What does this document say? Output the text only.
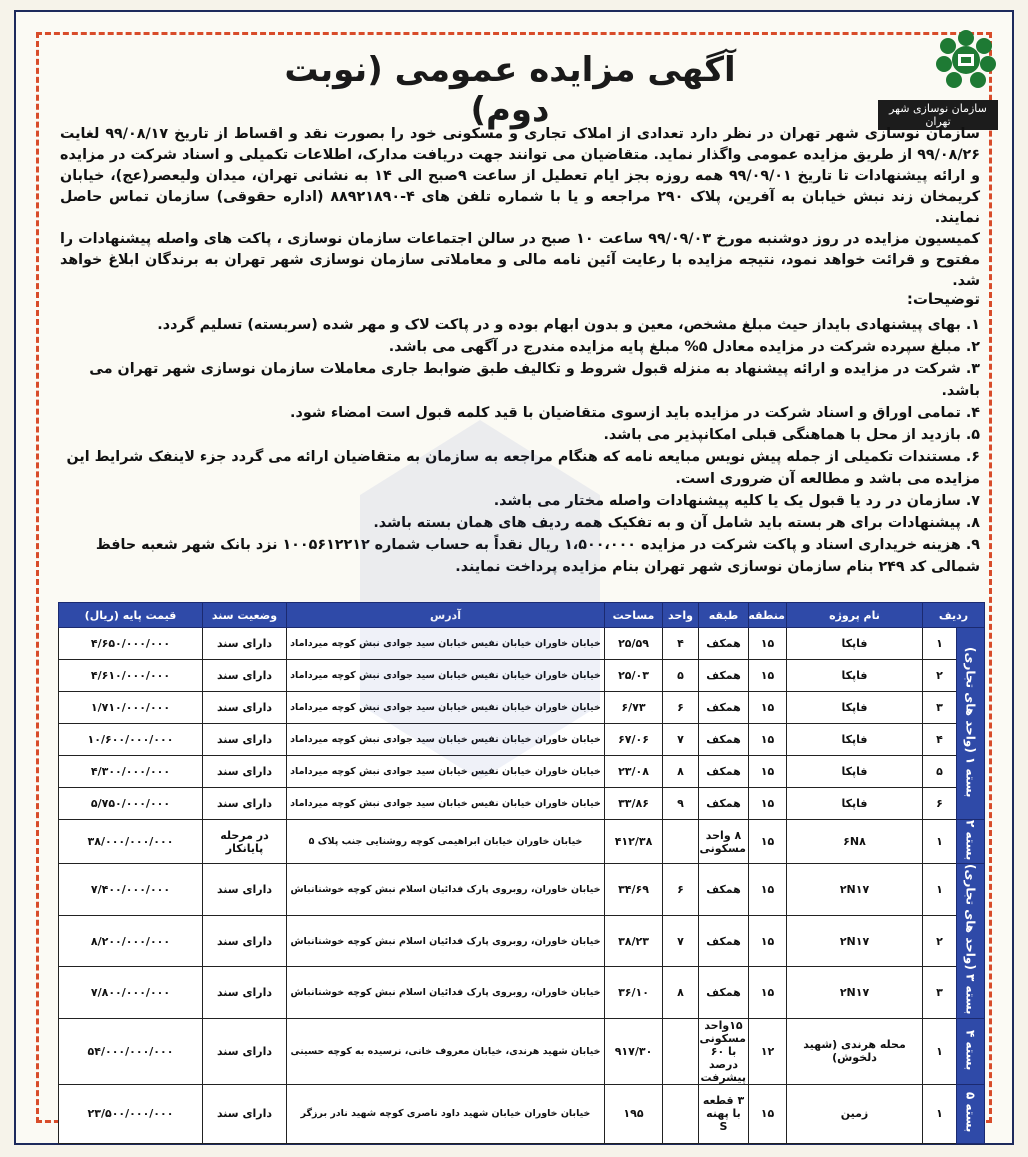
سازمان نوسازی شهر تهران
آگهی مزایده عمومی (نوبت دوم)

سازمان نوسازی شهر تهران در نظر دارد تعدادی از املاک تجاری و مسکونی خود را بصورت نقد و اقساط از تاریخ ۹۹/۰۸/۱۷ لغایت ۹۹/۰۸/۲۶ از طریق مزایده عمومی واگذار نماید. متقاضیان می توانند جهت دریافت مدارک، اطلاعات تکمیلی و اسناد شرکت در مزایده و ارائه پیشنهادات تا تاریخ ۹۹/۰۹/۰۱ همه روزه بجز ایام تعطیل از ساعت ۹صبح الی ۱۴ به نشانی تهران، میدان ولیعصر(عج)، خیابان کریمخان زند نبش خیابان به آفرین، پلاک ۲۹۰ مراجعه و یا با شماره تلفن های ۴-۸۸۹۲۱۸۹۰ (اداره حقوقی) سازمان تماس حاصل نمایند.

کمیسیون مزایده در روز دوشنبه مورخ ۹۹/۰۹/۰۳ ساعت ۱۰ صبح در سالن اجتماعات سازمان نوسازی ، پاکت های واصله پیشنهادات را مفتوح و قرائت خواهد نمود، نتیجه مزایده با رعایت آئین نامه مالی و معاملاتی سازمان نوسازی شهر تهران به برندگان ابلاغ خواهد شد.

توضیحات:
۱. بهای پیشنهادی بایداز حیث مبلغ مشخص، معین و بدون ابهام بوده و در پاکت لاک و مهر شده (سربسته) تسلیم گردد.
۲. مبلغ سپرده شرکت در مزایده معادل ۵% مبلغ پایه مزایده مندرج در آگهی می باشد.
۳. شرکت در مزایده و ارائه پیشنهاد به منزله قبول شروط و تکالیف طبق ضوابط جاری معاملات سازمان نوسازی شهر تهران می باشد.
۴. تمامی اوراق و اسناد شرکت در مزایده باید ازسوی متقاضیان با قید کلمه قبول است امضاء شود.
۵. بازدید از محل با هماهنگی قبلی امکانپذیر می باشد.
۶. مستندات تکمیلی از جمله پیش نویس مبایعه نامه که هنگام مراجعه به سازمان به متقاضیان ارائه می گردد جزء لاینفک شرایط این مزایده می باشد و مطالعه آن ضروری است.
۷. سازمان در رد یا قبول یک یا کلیه پیشنهادات واصله مختار می باشد.
۸. پیشنهادات برای هر بسته باید شامل آن و به تفکیک همه ردیف های همان بسته باشد.
۹. هزینه خریداری اسناد و پاکت شرکت در مزایده ۱،۵۰۰،۰۰۰ ریال نقداً به حساب شماره ۱۰۰۵۶۱۲۲۱۲ نزد بانک شهر شعبه حافظ شمالی کد ۲۴۹ بنام سازمان نوسازی شهر تهران بنام مزایده پرداخت نمایند.
ردیف		نام پروژه	منطقه	طبقه	واحد	مساحت	آدرس	وضعیت سند	قیمت پایه (ریال)
بسته ۱ (واحد های تجاری)	۱	فاپکا	۱۵	همکف	۴	۲۵/۵۹	خیابان خاوران خیابان نفیس خیابان سید جوادی نبش کوچه میرداماد	دارای سند	۴/۶۵۰/۰۰۰/۰۰۰
	۲	فاپکا	۱۵	همکف	۵	۲۵/۰۳	خیابان خاوران خیابان نفیس خیابان سید جوادی نبش کوچه میرداماد	دارای سند	۴/۶۱۰/۰۰۰/۰۰۰
	۳	فاپکا	۱۵	همکف	۶	۶/۷۳	خیابان خاوران خیابان نفیس خیابان سید جوادی نبش کوچه میرداماد	دارای سند	۱/۷۱۰/۰۰۰/۰۰۰
	۴	فاپکا	۱۵	همکف	۷	۶۷/۰۶	خیابان خاوران خیابان نفیس خیابان سید جوادی نبش کوچه میرداماد	دارای سند	۱۰/۶۰۰/۰۰۰/۰۰۰
	۵	فاپکا	۱۵	همکف	۸	۲۳/۰۸	خیابان خاوران خیابان نفیس خیابان سید جوادی نبش کوچه میرداماد	دارای سند	۴/۳۰۰/۰۰۰/۰۰۰
	۶	فاپکا	۱۵	همکف	۹	۳۳/۸۶	خیابان خاوران خیابان نفیس خیابان سید جوادی نبش کوچه میرداماد	دارای سند	۵/۷۵۰/۰۰۰/۰۰۰
بسته ۲	۱	۶N۸	۱۵	۸ واحد مسکونی		۴۱۲/۳۸	خیابان خاوران خیابان ابراهیمی کوچه روشنایی جنب پلاک ۵	در مرحله پایانکار	۳۸/۰۰۰/۰۰۰/۰۰۰
بسته ۳ (واحد های تجاری)	۱	۲N۱۷	۱۵	همکف	۶	۳۴/۶۹	خیابان خاوران، روبروی پارک فدائیان اسلام نبش کوچه خوشنانباش	دارای سند	۷/۴۰۰/۰۰۰/۰۰۰
	۲	۲N۱۷	۱۵	همکف	۷	۳۸/۲۳	خیابان خاوران، روبروی پارک فدائیان اسلام نبش کوچه خوشنانباش	دارای سند	۸/۲۰۰/۰۰۰/۰۰۰
	۳	۲N۱۷	۱۵	همکف	۸	۳۶/۱۰	خیابان خاوران، روبروی پارک فدائیان اسلام نبش کوچه خوشنانباش	دارای سند	۷/۸۰۰/۰۰۰/۰۰۰
بسته ۴	۱	محله هرندی (شهید دلخوش)	۱۲	۱۵واحد مسکونی با ۶۰ درصد پیشرفت		۹۱۷/۳۰	خیابان شهید هرندی، خیابان معروف خانی، نرسیده به کوچه حسینی	دارای سند	۵۴/۰۰۰/۰۰۰/۰۰۰
بسته ۵	۱	زمین	۱۵	۳ قطعه با پهنه S		۱۹۵	خیابان خاوران خیابان شهید داود ناصری کوچه شهید نادر برزگر	دارای سند	۲۳/۵۰۰/۰۰۰/۰۰۰
